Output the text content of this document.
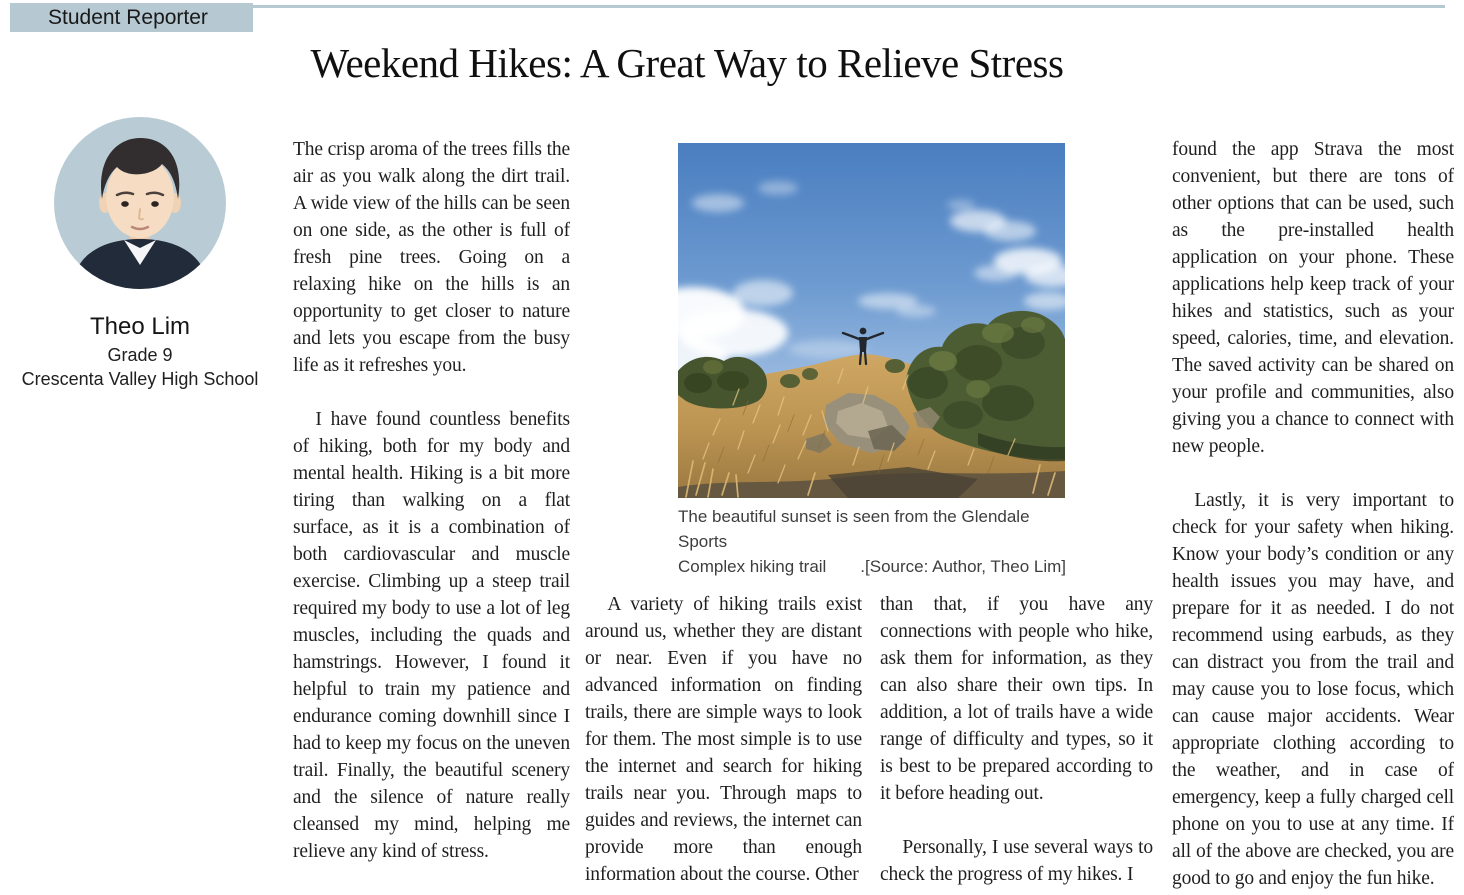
Student Reporter
Weekend Hikes: A Great Way to Relieve Stress
Theo Lim
Grade 9
Crescenta Valley High School

The crisp aroma of the trees fills the air as you walk along the dirt trail. A wide view of the hills can be seen on one side, as the other is full of fresh pine trees. Going on a relaxing hike on the hills is an opportunity to get closer to nature and lets you escape from the busy life as it refreshes you.

I have found countless benefits of hiking, both for my body and mental health. Hiking is a bit more tiring than walking on a flat surface, as it is a combination of both cardiovascular and muscle exercise. Climbing up a steep trail required my body to use a lot of leg muscles, including the quads and hamstrings. However, I found it helpful to train my patience and endurance coming downhill since I had to keep my focus on the uneven trail. Finally, the beautiful scenery and the silence of nature really cleansed my mind, helping me relieve any kind of stress.

The beautiful sunset is seen from the Glendale Sports
Complex hiking trail .[Source: Author, Theo Lim]

A variety of hiking trails exist around us, whether they are distant or near. Even if you have no advanced information on finding trails, there are simple ways to look for them. The most simple is to use the internet and search for hiking trails near you. Through maps to guides and reviews, the internet can provide more than enough information about the course. Other

than that, if you have any connections with people who hike, ask them for information, as they can also share their own tips. In addition, a lot of trails have a wide range of difficulty and types, so it is best to be prepared according to it before heading out.

Personally, I use several ways to check the progress of my hikes. I

found the app Strava the most convenient, but there are tons of other options that can be used, such as the pre-installed health application on your phone. These applications help keep track of your hikes and statistics, such as your speed, calories, time, and elevation. The saved activity can be shared on your profile and communities, also giving you a chance to connect with new people.

Lastly, it is very important to check for your safety when hiking. Know your body’s condition or any health issues you may have, and prepare for it as needed. I do not recommend using earbuds, as they can distract you from the trail and may cause you to lose focus, which can cause major accidents. Wear appropriate clothing according to the weather, and in case of emergency, keep a fully charged cell phone on you to use at any time. If all of the above are checked, you are good to go and enjoy the fun hike.
